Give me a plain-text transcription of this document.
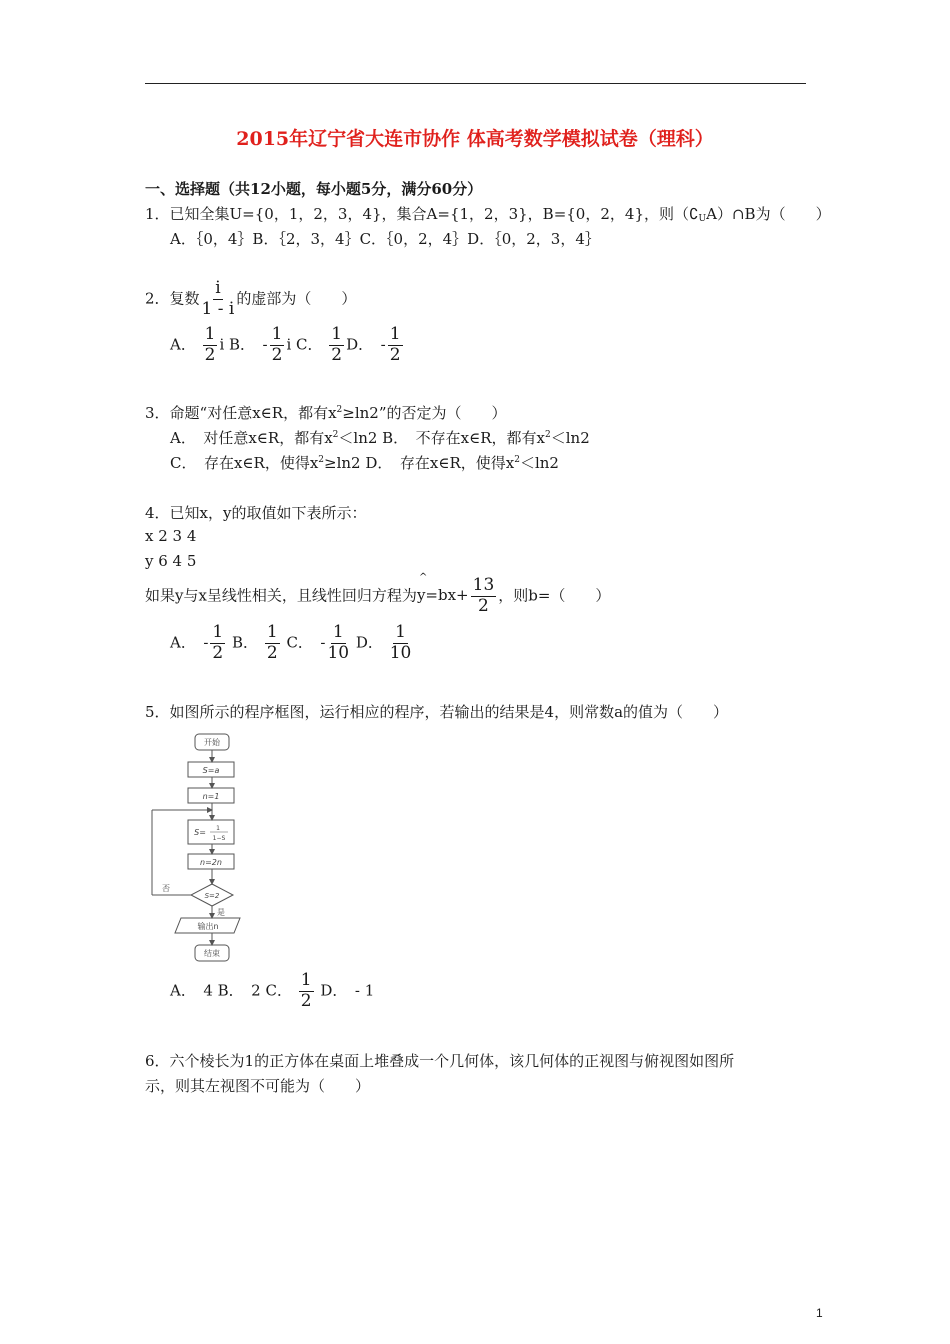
2015年辽宁省大连市协作 体高考数学模拟试卷（理科）
一、选择题（共12小题，每小题5分，满分60分）
1．已知全集U={0，1，2，3，4}，集合A={1，2，3}，B={0，2，4}，则$(∁_UA)\cap B$为（　　）
A．｛0，4｝B．｛2，3，4｝C．｛0，2，4｝D．｛0，2，3，4｝
2．复数 $\frac{i}{1 - i}$ 的虚部为（　　）
A． $\frac{1}{2}$ i B．　- $\frac{1}{2}$ i C． $\frac{1}{2}$ D．　- $\frac{1}{2}$
3．命题“对任意x∈R，都有$x^2\ge\ln 2$”的否定为（　　）
A．　对任意x∈R，都有$x^2<\ln 2$ B．　不存在x∈R，都有$x^2<\ln 2$
C．　存在x∈R，使得$x^2\ge\ln 2$ D．　存在x∈R，使得$x^2<\ln 2$
4．已知x，y的取值如下表所示：
x 2 3 4
y 6 4 5
如果y与x呈线性相关，且线性回归方程为
^
$y=bx+ \frac{13}{2}$ ，则b=（　　）
A．　- $\frac{1}{2}$ B． $\frac{1}{2}$ C．　- $\frac{1}{10}$ D． $\frac{1}{10}$
5．如图所示的程序框图，运行相应的程序，若输出的结果是4，则常数a的值为（　　）
开始
S=a
n=1
S= 1
1−S
n=2n
S=2
否
是
输出n
结束
A．　4 B．　2 C． $\frac{1}{2}$ D．　- 1
6．六个棱长为1的正方体在桌面上堆叠成一个几何体，该几何体的正视图与俯视图如图所
示，则其左视图不可能为（　　）
1
